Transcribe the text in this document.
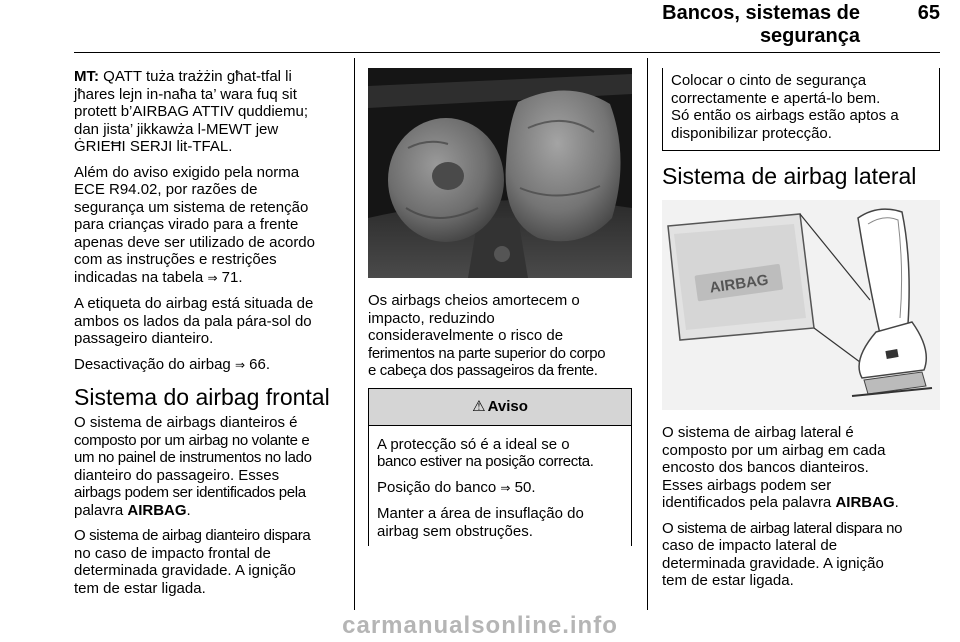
Bancos, sistemas de segurança
65

MT: QATT tużа trażżin għat-tfal li
jħares lejn in-naħa ta’ wara fuq sit
protett b’AIRBAG ATTIV quddiemu;
dan jista’ jikkawża l-MEWT jew
ĠRIEĦI SERJI lit-TFAL.

Além do aviso exigido pela norma
ECE R94.02, por razões de
segurança um sistema de retenção
para crianças virado para a frente
apenas deve ser utilizado de acordo
com as instruções e restrições
indicadas na tabela ⇒ 71.

A etiqueta do airbag está situada de
ambos os lados da pala pára-sol do
passageiro dianteiro.

Desactivação do airbag ⇒ 66.

Sistema do airbag frontal

O sistema de airbags dianteiros é
composto por um airbag no volante e
um no painel de instrumentos no lado
dianteiro do passageiro. Esses
airbags podem ser identificados pela
palavra AIRBAG.

O sistema de airbag dianteiro dispara
no caso de impacto frontal de
determinada gravidade. A ignição
tem de estar ligada.

Os airbags cheios amortecem o
impacto, reduzindo
consideravelmente o risco de
ferimentos na parte superior do corpo
e cabeça dos passageiros da frente.

⚠ Aviso

A protecção só é a ideal se o
banco estiver na posição correcta.

Posição do banco ⇒ 50.

Manter a área de insuflação do
airbag sem obstruções.

Colocar o cinto de segurança
correctamente e apertá-lo bem.
Só então os airbags estão aptos a
disponibilizar protecção.
Sistema de airbag lateral
AIRBAG

O sistema de airbag lateral é
composto por um airbag em cada
encosto dos bancos dianteiros.
Esses airbags podem ser
identificados pela palavra AIRBAG.

O sistema de airbag lateral dispara no
caso de impacto lateral de
determinada gravidade. A ignição
tem de estar ligada.

carmanualsonline.info
